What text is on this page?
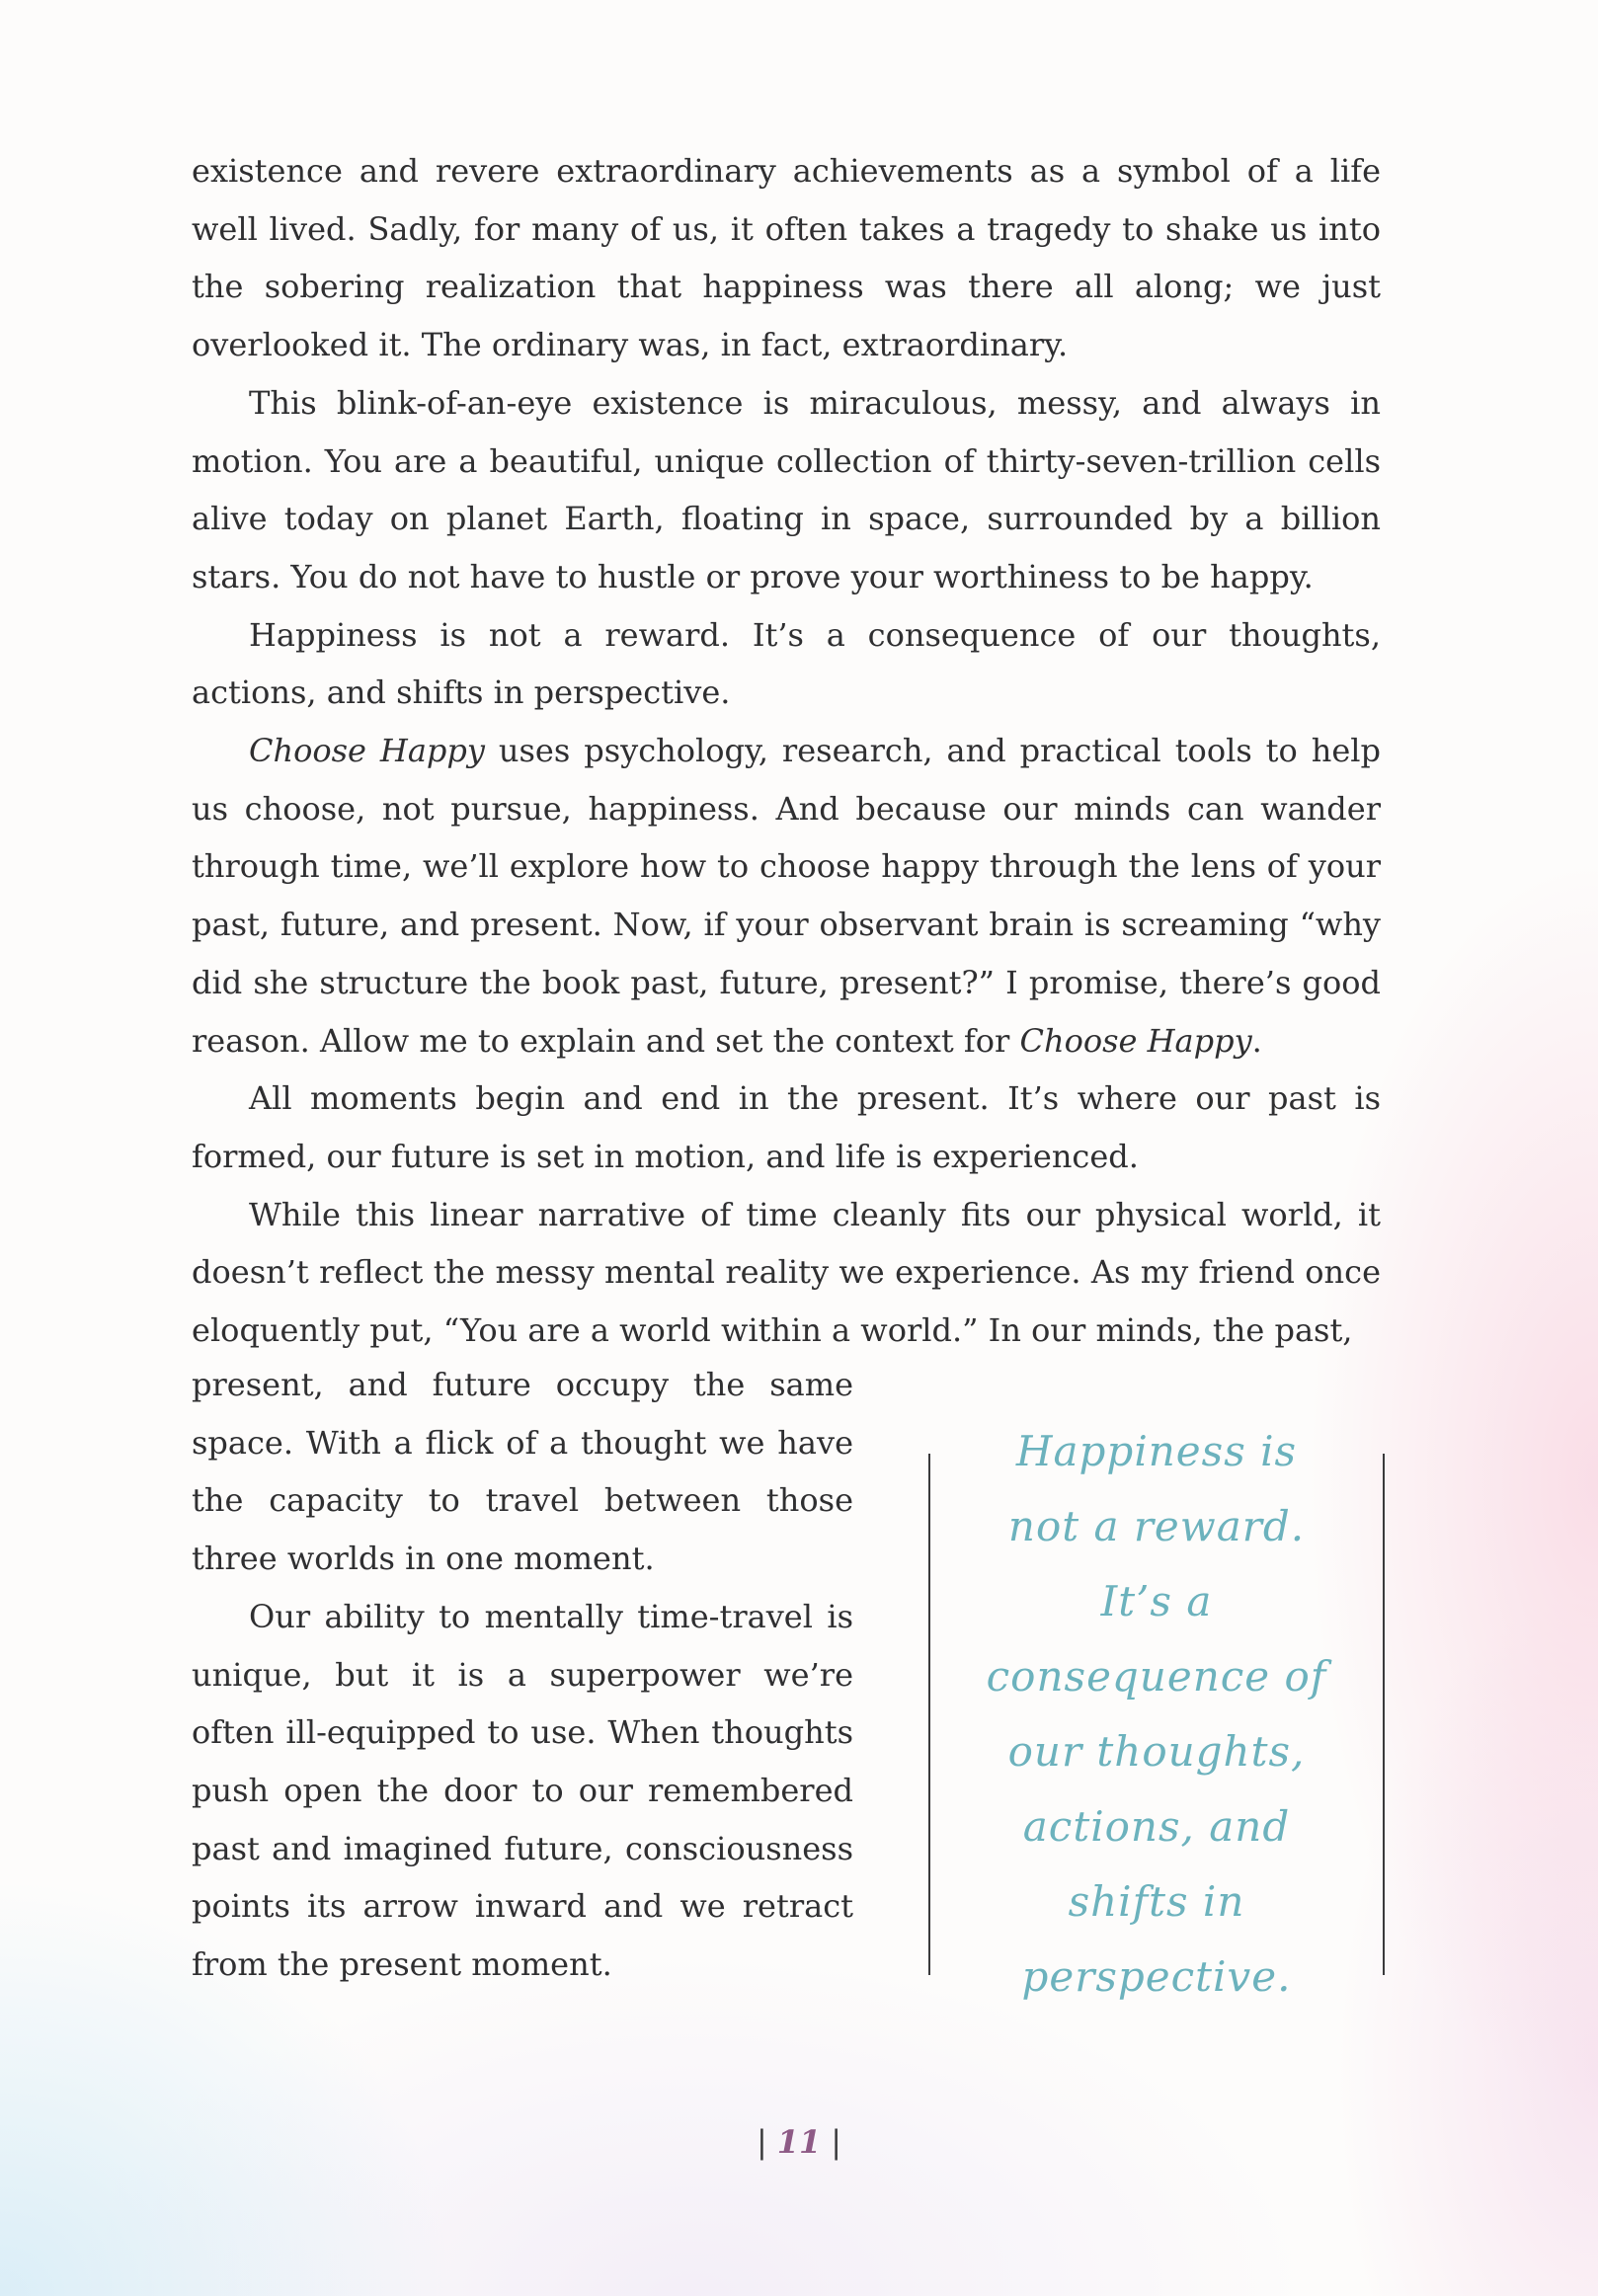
existence and revere extraordinary achievements as a symbol of a life well lived. Sadly, for many of us, it often takes a tragedy to shake us into the sobering realization that happiness was there all along; we just overlooked it. The ordinary was, in fact, extraordinary.

This blink-of-an-eye existence is miraculous, messy, and always in motion. You are a beautiful, unique collection of thirty-seven-trillion cells alive today on planet Earth, floating in space, surrounded by a billion stars. You do not have to hustle or prove your worthiness to be happy.

Happiness is not a reward. It’s a consequence of our thoughts, actions, and shifts in perspective.

Choose Happy uses psychology, research, and practical tools to help us choose, not pursue, happiness. And because our minds can wander through time, we’ll explore how to choose happy through the lens of your past, future, and present. Now, if your observant brain is screaming “why did she structure the book past, future, present?” I promise, there’s good reason. Allow me to explain and set the context for Choose Happy.

All moments begin and end in the present. It’s where our past is formed, our future is set in motion, and life is experienced.

While this linear narrative of time cleanly fits our physical world, it doesn’t reflect the messy mental reality we experience. As my friend once eloquently put, “You are a world within a world.” In our minds, the past,

present, and future occupy the same space. With a flick of a thought we have the capacity to travel between those three worlds in one moment.

Our ability to mentally time-travel is unique, but it is a superpower we’re often ill-equipped to use. When thoughts push open the door to our remembered past and imagined future, consciousness points its arrow inward and we retract from the present moment.

Happiness is not a reward. It’s a consequence of our thoughts, actions, and shifts in perspective.
| 11 |
